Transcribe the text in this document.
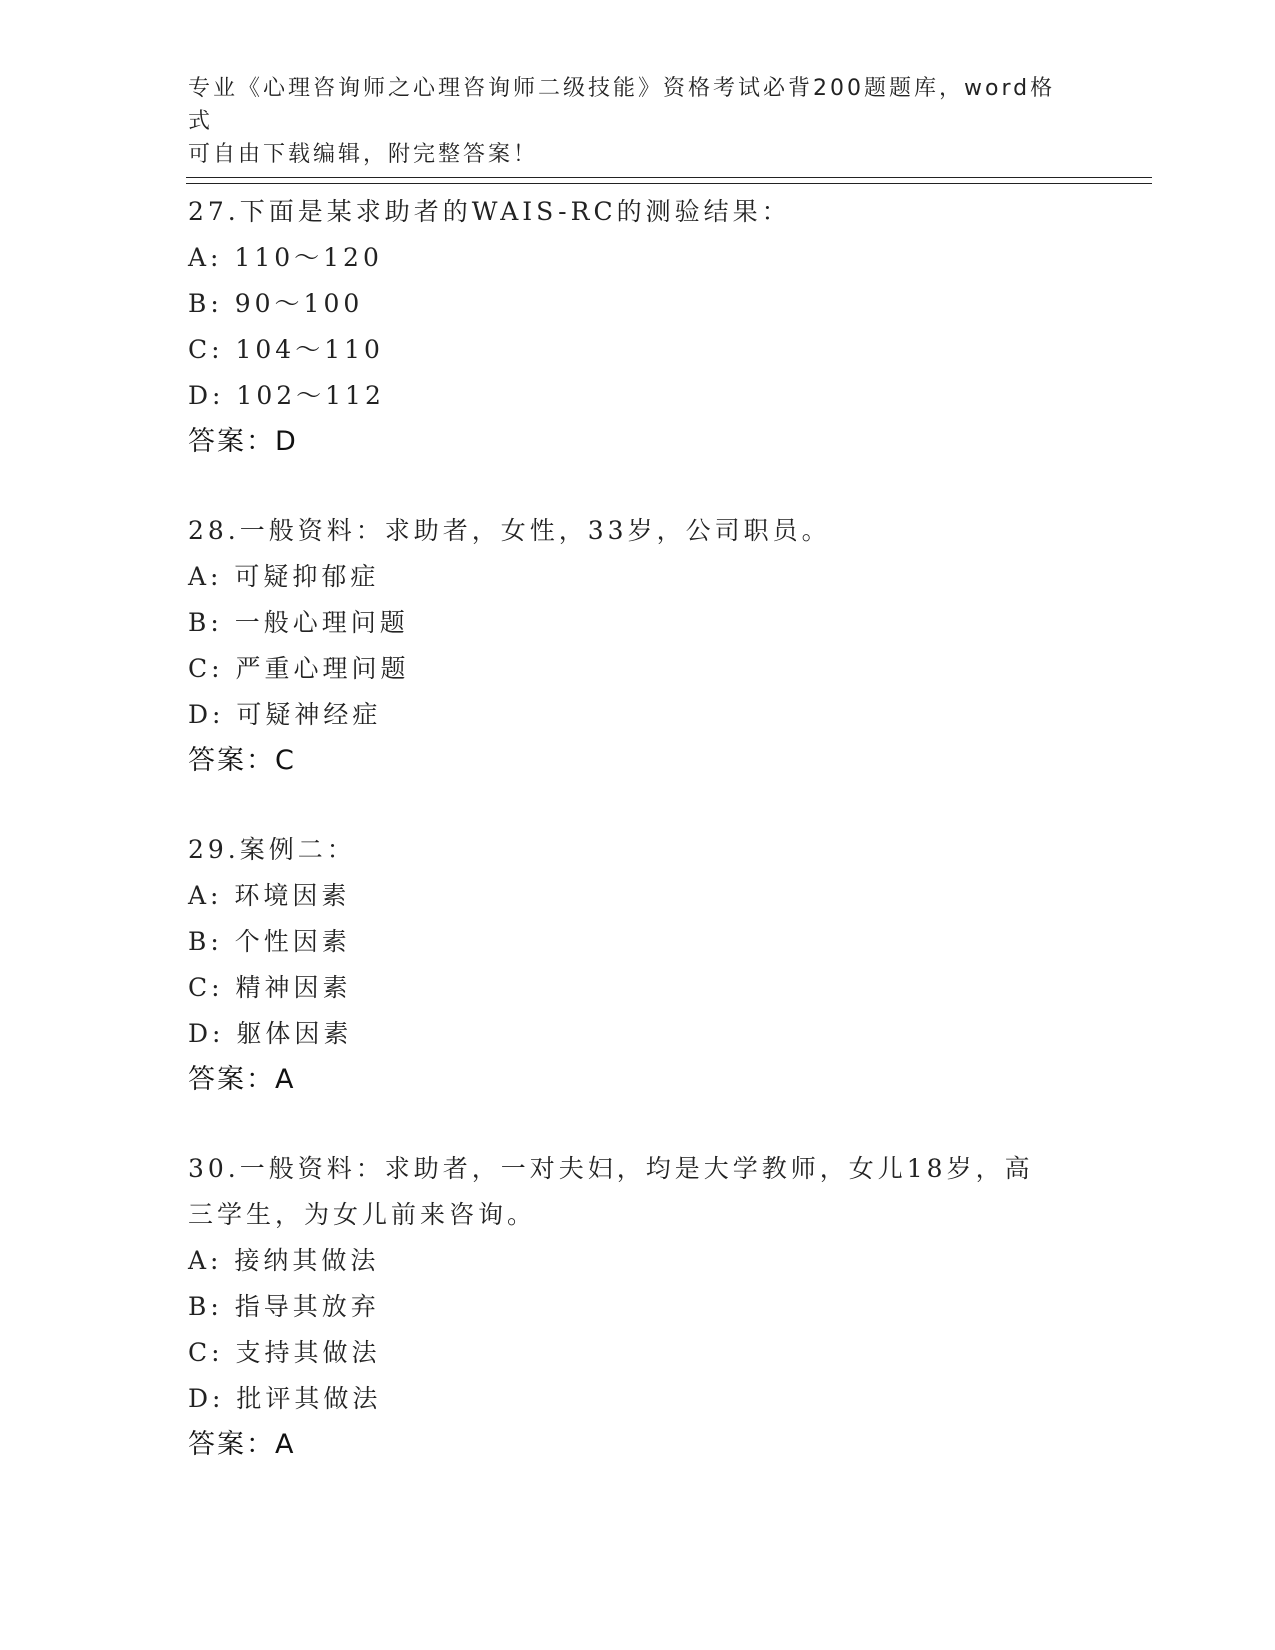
专业《心理咨询师之心理咨询师二级技能》资格考试必背200题题库，word格式
可自由下载编辑，附完整答案！

27.下面是某求助者的WAIS-RC的测验结果：

A: 110～120

B: 90～100

C: 104～110

D: 102～112

答案：D

28.一般资料：求助者，女性，33岁，公司职员。

A: 可疑抑郁症

B: 一般心理问题

C: 严重心理问题

D: 可疑神经症

答案：C

29.案例二：

A: 环境因素

B: 个性因素

C: 精神因素

D: 躯体因素

答案：A

30.一般资料：求助者，一对夫妇，均是大学教师，女儿18岁，高三学生，为女儿前来咨询。

A: 接纳其做法

B: 指导其放弃

C: 支持其做法

D: 批评其做法

答案：A
